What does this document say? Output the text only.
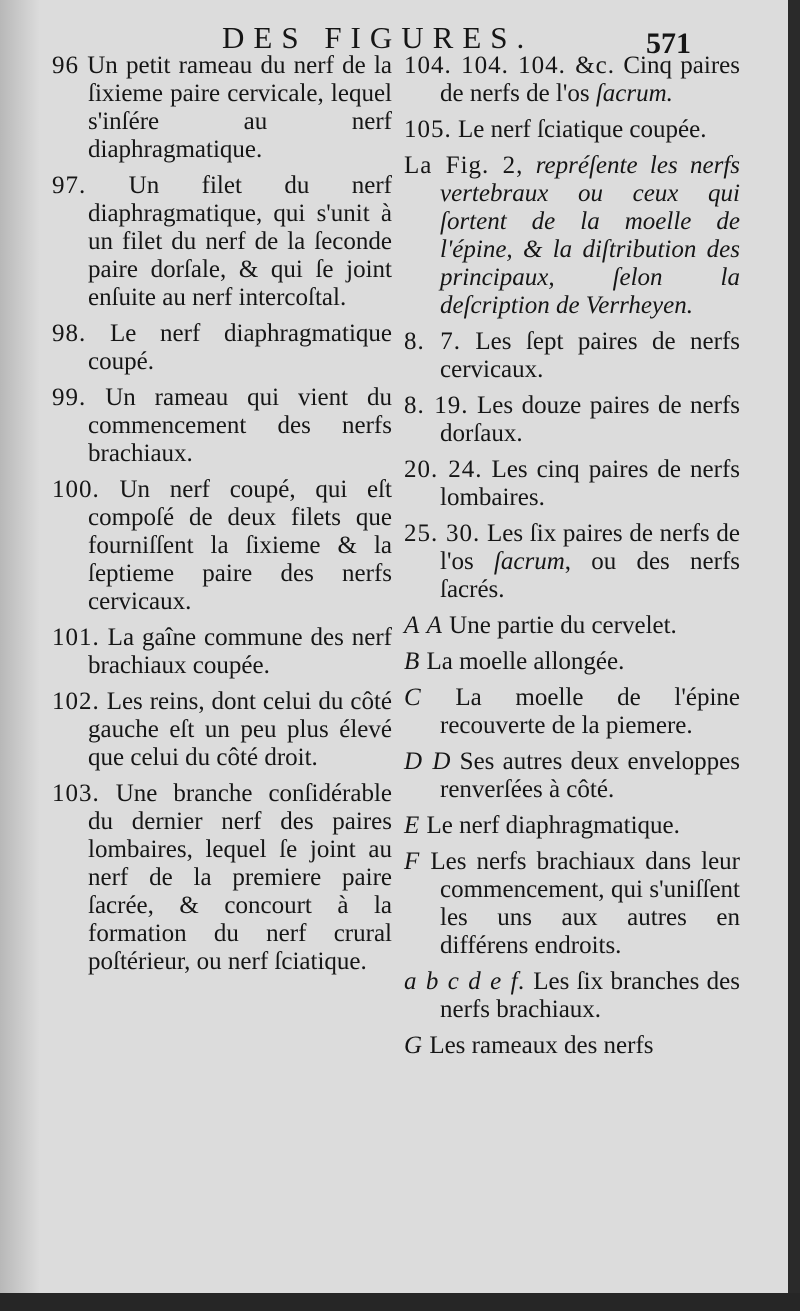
DES FIGURES.	571

96 Un petit rameau du nerf de la ſixieme paire cervicale, lequel s'inſére au nerf diaphragmatique.

97. Un filet du nerf diaphragmatique, qui s'unit à un filet du nerf de la ſeconde paire dorſale, & qui ſe joint enſuite au nerf intercoſtal.

98. Le nerf diaphragmatique coupé.

99. Un rameau qui vient du commencement des nerfs brachiaux.

100. Un nerf coupé, qui eſt compoſé de deux filets que fourniſſent la ſixieme & la ſeptieme paire des nerfs cervicaux.

101. La gaîne commune des nerf brachiaux coupée.

102. Les reins, dont celui du côté gauche eſt un peu plus élevé que celui du côté droit.

103. Une branche conſidérable du dernier nerf des paires lombaires, lequel ſe joint au nerf de la premiere paire ſacrée, & concourt à la formation du nerf crural poſtérieur, ou nerf ſciatique.

104. 104. 104. &c. Cinq paires de nerfs de l'os ſacrum.

105. Le nerf ſciatique coupée.

La Fig. 2, repréſente les nerfs vertebraux ou ceux qui ſortent de la moelle de l'épine, & la diſtribution des principaux, ſelon la deſcription de Verrheyen.

8. 7. Les ſept paires de nerfs cervicaux.

8. 19. Les douze paires de nerfs dorſaux.

20. 24. Les cinq paires de nerfs lombaires.

25. 30. Les ſix paires de nerfs de l'os ſacrum, ou des nerfs ſacrés.

A A Une partie du cervelet.

B La moelle allongée.

C La moelle de l'épine recouverte de la piemere.

D D Ses autres deux enveloppes renverſées à côté.

E Le nerf diaphragmatique.

F Les nerfs brachiaux dans leur commencement, qui s'uniſſent les uns aux autres en différens endroits.

a b c d e f. Les ſix branches des nerfs brachiaux.

G Les rameaux des nerfs
